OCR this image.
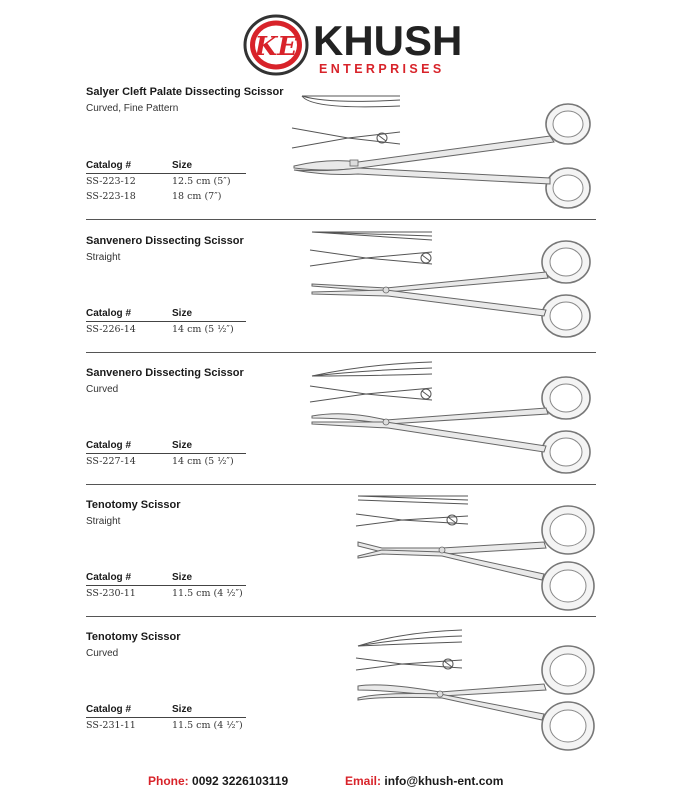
KE KHUSH
ENTERPRISES
Salyer Cleft Palate Dissecting Scissor
Curved, Fine Pattern
Catalog #	Size
SS-223-12	12.5 cm (5″)
SS-223-18	18 cm (7″)
Sanvenero Dissecting Scissor
Straight
Catalog #	Size
SS-226-14	14 cm (5 ½″)
Sanvenero Dissecting Scissor
Curved
Catalog #	Size
SS-227-14	14 cm (5 ½″)
Tenotomy Scissor
Straight
Catalog #	Size
SS-230-11	11.5 cm (4 ½″)
Tenotomy Scissor
Curved
Catalog #	Size
SS-231-11	11.5 cm (4 ½″)
Phone: 0092 3226103119	Email: info@khush-ent.com
